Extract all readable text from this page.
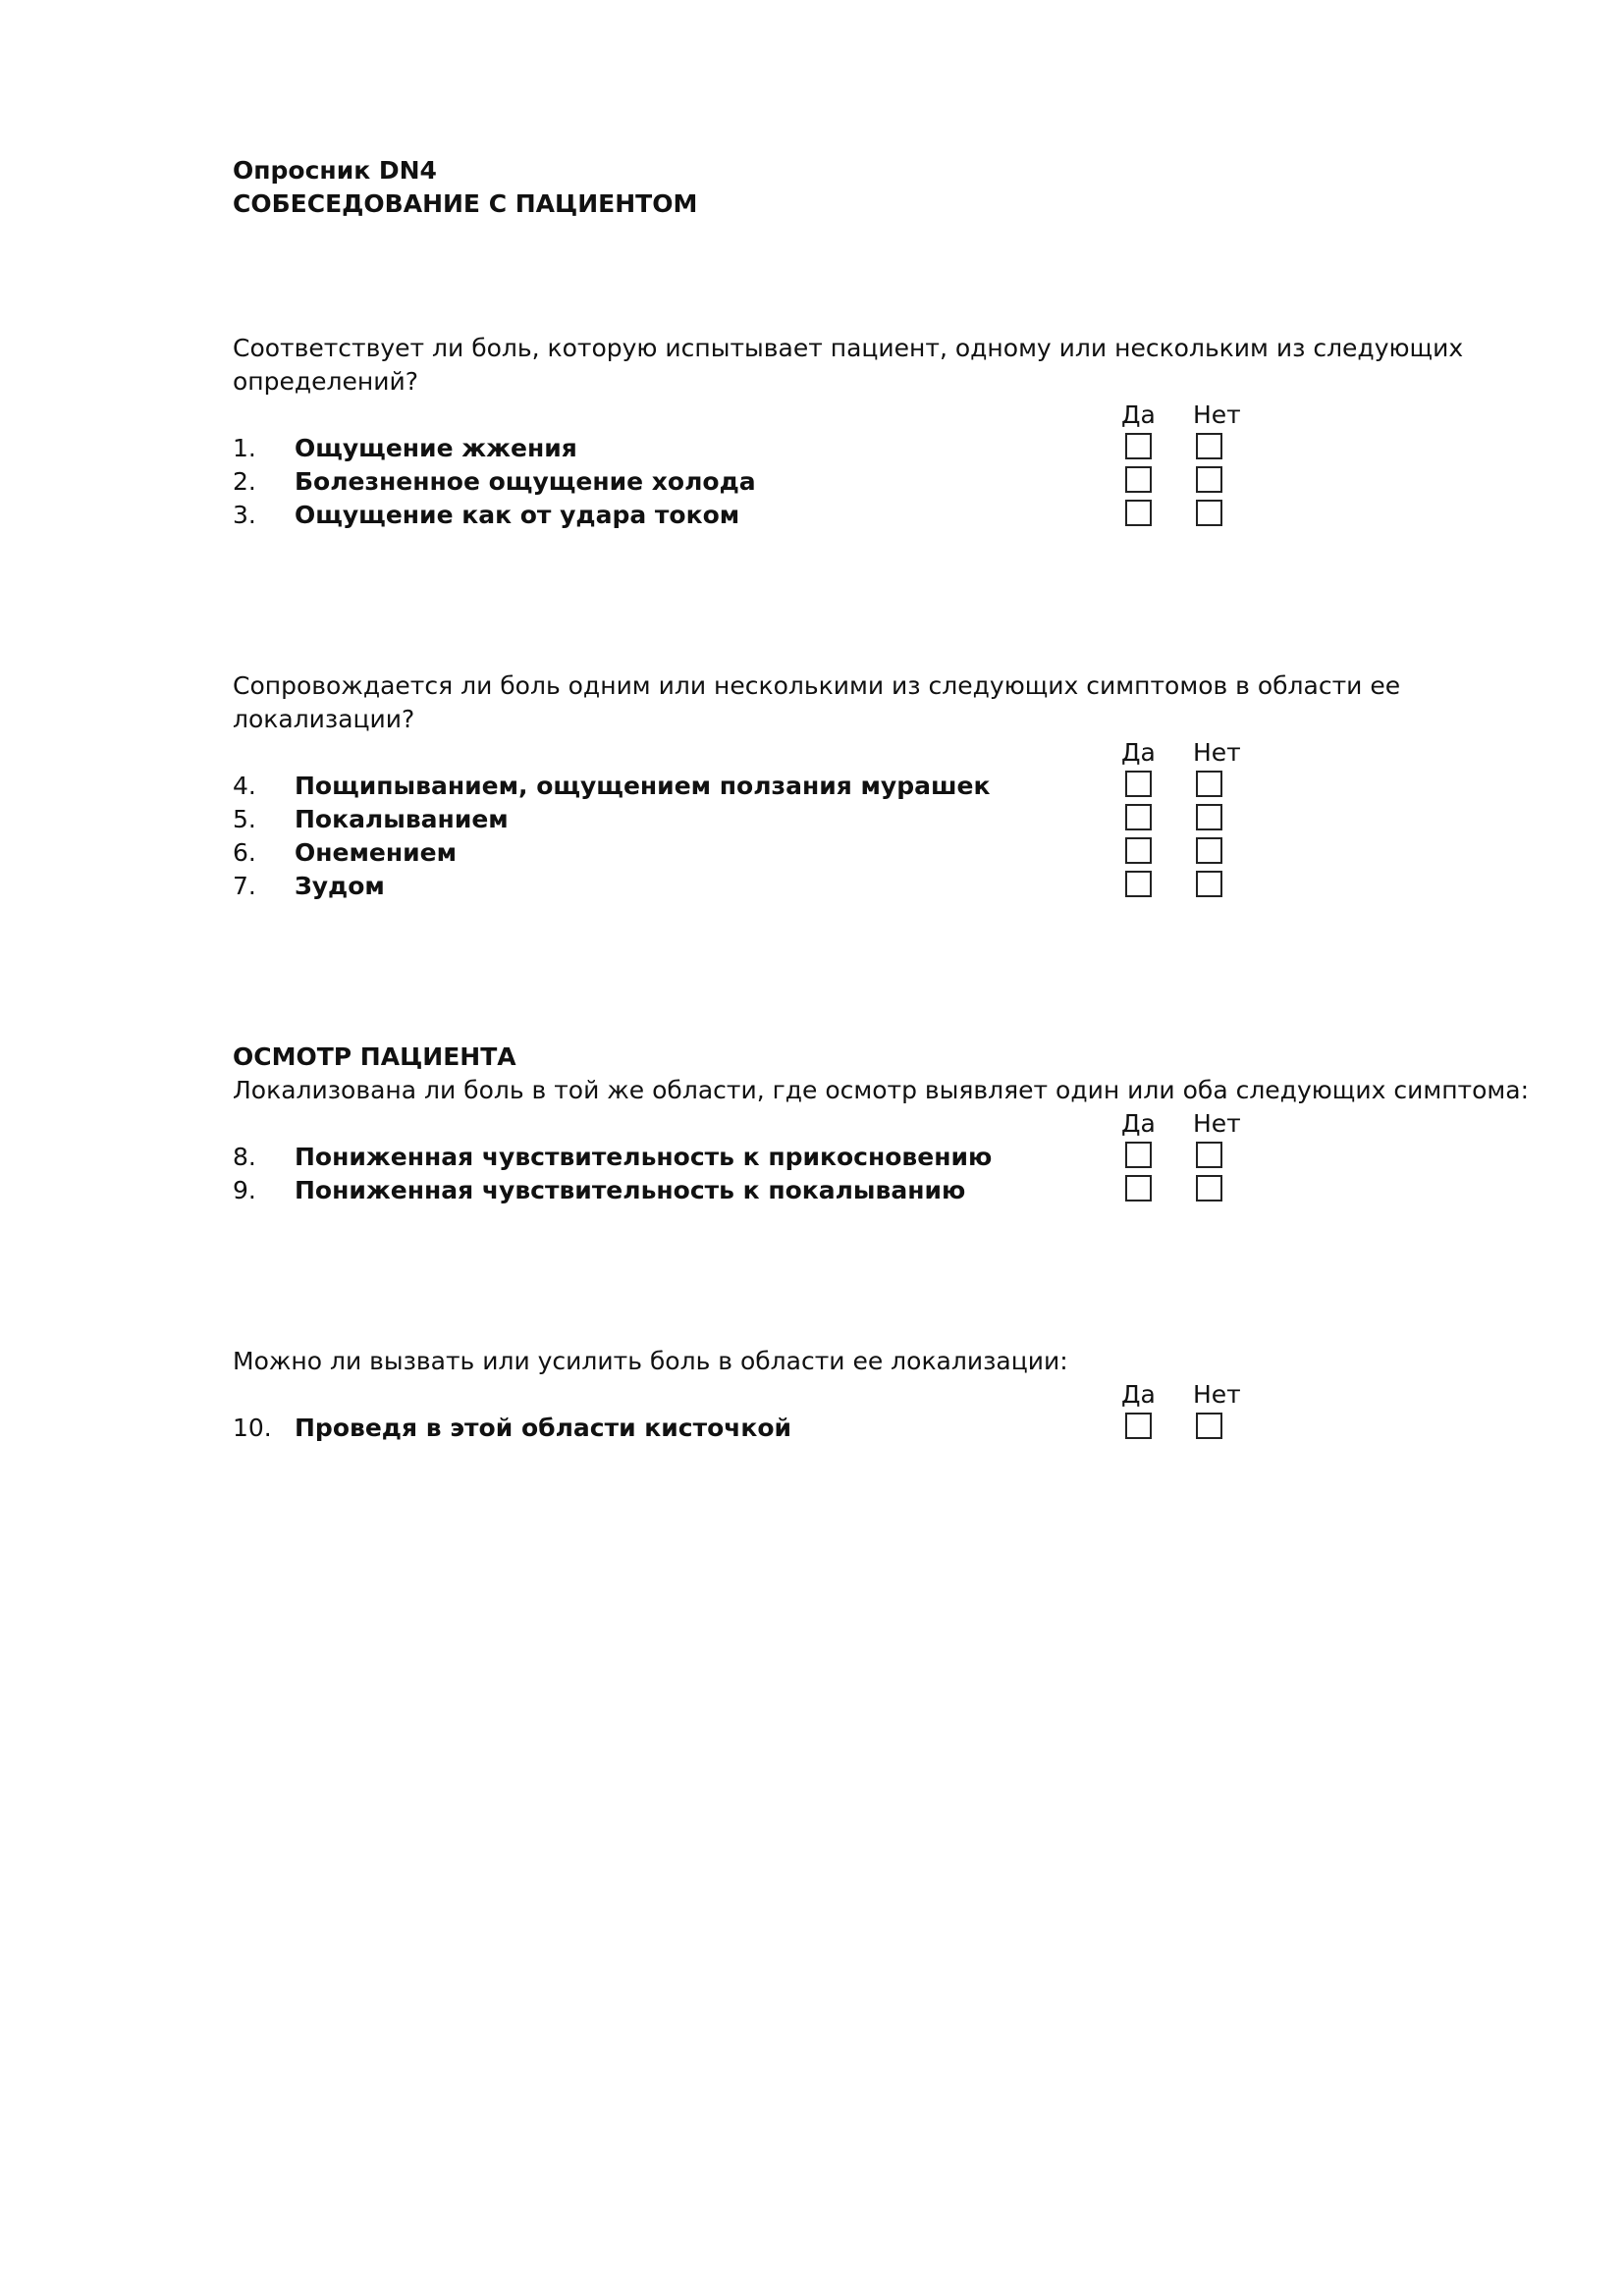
Опросник DN4
СОБЕСЕДОВАНИЕ С ПАЦИЕНТОМ
Соответствует ли боль, которую испытывает пациент, одному или нескольким из следующих
определений?
Да Нет
1. Ощущение жжения
2. Болезненное ощущение холода
3. Ощущение как от удара током
Сопровождается ли боль одним или несколькими из следующих симптомов в области ее
локализации?
Да Нет
4. Пощипыванием, ощущением ползания мурашек
5. Покалыванием
6. Онемением
7. Зудом
ОСМОТР ПАЦИЕНТА
Локализована ли боль в той же области, где осмотр выявляет один или оба следующих симптома:
Да Нет
8. Пониженная чувствительность к прикосновению
9. Пониженная чувствительность к покалыванию
Можно ли вызвать или усилить боль в области ее локализации:
Да Нет
10. Проведя в этой области кисточкой
